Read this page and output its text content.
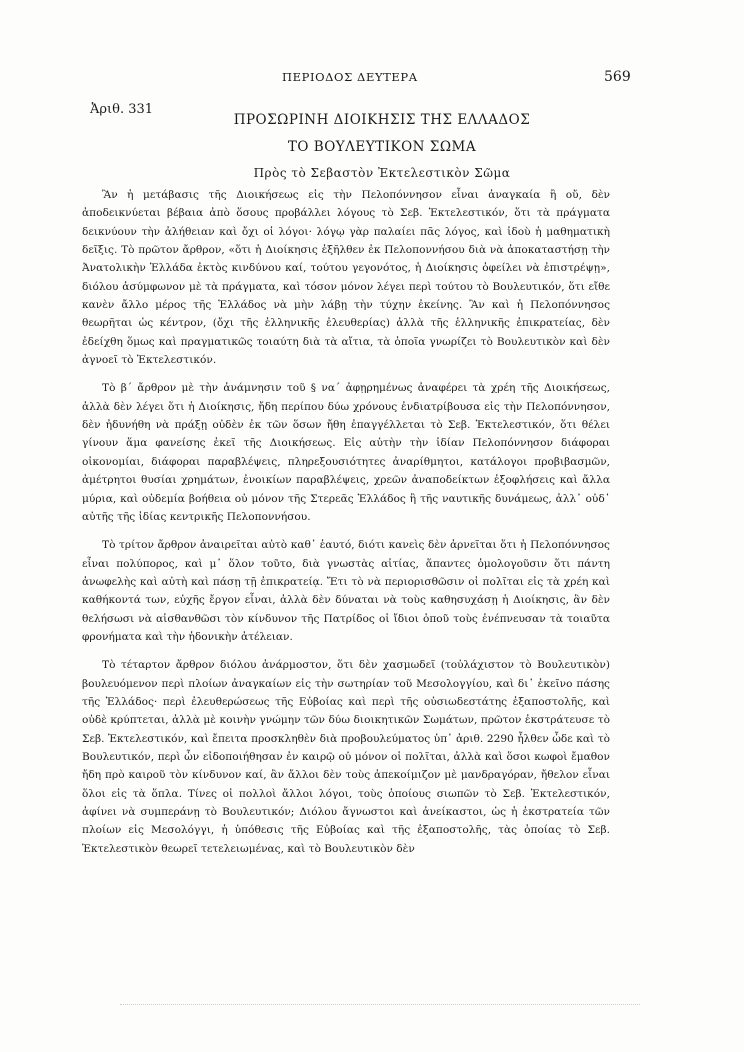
ΠΕΡΙΟΔΟΣ ΔΕΥΤΕΡΑ	569
Ἀριθ. 331
ΠΡΟΣΩΡΙΝΗ ΔΙΟΙΚΗΣΙΣ ΤΗΣ ΕΛΛΑΔΟΣ
ΤΟ ΒΟΥΛΕΥΤΙΚΟΝ ΣΩΜΑ
Πρὸς τὸ Σεβαστὸν Ἐκτελεστικὸν Σῶμα

Ἂν ἡ μετάβασις τῆς Διοικήσεως εἰς τὴν Πελοπόννησον εἶναι ἀναγκαία ἢ οὔ, δὲν ἀποδεικνύεται βέβαια ἀπὸ ὅσους προβάλλει λόγους τὸ Σεβ. Ἐκτελεστικόν, ὅτι τὰ πράγματα δεικνύουν τὴν ἀλήθειαν καὶ ὄχι οἱ λόγοι· λόγῳ γὰρ παλαίει πᾶς λόγος, καὶ ἰδοὺ ἡ μαθηματικὴ δεῖξις. Τὸ πρῶτον ἄρθρον, «ὅτι ἡ Διοίκησις ἐξῆλθεν ἐκ Πελοποννήσου διὰ νὰ ἀποκαταστήσῃ τὴν Ἀνατολικὴν Ἑλλάδα ἐκτὸς κινδύνου καί, τούτου γεγονότος, ἡ Διοίκησις ὀφείλει νὰ ἐπιστρέψῃ», διόλου ἀσύμφωνον μὲ τὰ πράγματα, καὶ τόσον μόνον λέγει περὶ τούτου τὸ Βουλευτικόν, ὅτι εἴθε κανὲν ἄλλο μέρος τῆς Ἑλλάδος νὰ μὴν λάβῃ τὴν τύχην ἐκείνης. Ἂν καὶ ἡ Πελοπόννησος θεωρῆται ὡς κέντρον, (ὄχι τῆς ἑλληνικῆς ἐλευθερίας) ἀλλὰ τῆς ἑλληνικῆς ἐπικρατείας, δὲν ἐδείχθη ὅμως καὶ πραγματικῶς τοιαύτη διὰ τὰ αἴτια, τὰ ὁποῖα γνωρίζει τὸ Βουλευτικὸν καὶ δὲν ἀγνοεῖ τὸ Ἐκτελεστικόν.

Τὸ β΄ ἄρθρον μὲ τὴν ἀνάμνησιν τοῦ § να΄ ἀφῃρημένως ἀναφέρει τὰ χρέη τῆς Διοικήσεως, ἀλλὰ δὲν λέγει ὅτι ἡ Διοίκησις, ἤδη περίπου δύω χρόνους ἐνδιατρίβουσα εἰς τὴν Πελοπόννησον, δὲν ἠδυνήθη νὰ πράξῃ οὐδὲν ἐκ τῶν ὅσων ἤθη ἐπαγγέλλεται τὸ Σεβ. Ἐκτελεστικόν, ὅτι θέλει γίνουν ἅμα φανείσης ἐκεῖ τῆς Διοικήσεως. Εἰς αὐτὴν τὴν ἰδίαν Πελοπόννησον διάφοραι οἰκονομίαι, διάφοραι παραβλέψεις, πληρεξουσιότητες ἀναρίθμητοι, κατάλογοι προβιβασμῶν, ἀμέτρητοι θυσίαι χρημάτων, ἐνοικίων παραβλέψεις, χρεῶν ἀναποδείκτων ἐξοφλήσεις καὶ ἄλλα μύρια, καὶ οὐδεμία βοήθεια οὐ μόνον τῆς Στερεᾶς Ἑλλάδος ἢ τῆς ναυτικῆς δυνάμεως, ἀλλ᾿ οὐδ᾿ αὐτῆς τῆς ἰδίας κεντρικῆς Πελοποννήσου.

Τὸ τρίτον ἄρθρον ἀναιρεῖται αὐτὸ καθ᾿ ἑαυτό, διότι κανεὶς δὲν ἀρνεῖται ὅτι ἡ Πελοπόννησος εἶναι πολύπορος, καὶ μ᾿ ὅλον τοῦτο, διὰ γνωστὰς αἰτίας, ἅπαντες ὁμολογοῦσιν ὅτι πάντη ἀνωφελὴς καὶ αὐτὴ καὶ πάσῃ τῇ ἐπικρατείᾳ. Ἔτι τὸ νὰ περιορισθῶσιν οἱ πολῖται εἰς τὰ χρέη καὶ καθήκοντά των, εὐχῆς ἔργον εἶναι, ἀλλὰ δὲν δύναται νὰ τοὺς καθησυχάσῃ ἡ Διοίκησις, ἂν δὲν θελήσωσι νὰ αἰσθανθῶσι τὸν κίνδυνον τῆς Πατρίδος οἱ ἴδιοι ὁποῦ τοὺς ἐνέπνευσαν τὰ τοιαῦτα φρονήματα καὶ τὴν ἡδονικὴν ἀτέλειαν.

Τὸ τέταρτον ἄρθρον διόλου ἀνάρμοστον, ὅτι δὲν χασμωδεῖ (τοὐλάχιστον τὸ Βουλευτικὸν) βουλευόμενον περὶ πλοίων ἀναγκαίων εἰς τὴν σωτηρίαν τοῦ Μεσολογγίου, καὶ δι᾿ ἐκεῖνο πάσης τῆς Ἑλλάδος· περὶ ἐλευθερώσεως τῆς Εὐβοίας καὶ περὶ τῆς οὐσιωδεστάτης ἐξαποστολῆς, καὶ οὐδὲ κρύπτεται, ἀλλὰ μὲ κοινὴν γνώμην τῶν δύω διοικητικῶν Σωμάτων, πρῶτον ἐκστράτευσε τὸ Σεβ. Ἐκτελεστικόν, καὶ ἔπειτα προσκληθὲν διὰ προβουλεύματος ὑπ᾿ ἀριθ. 2290 ἦλθεν ὧδε καὶ τὸ Βουλευτικόν, περὶ ὧν εἰδοποιήθησαν ἐν καιρῷ οὐ μόνον οἱ πολῖται, ἀλλὰ καὶ ὅσοι κωφοὶ ἔμαθον ἤδη πρὸ καιροῦ τὸν κίνδυνον καί, ἂν ἄλλοι δὲν τοὺς ἀπεκοίμιζον μὲ μανδραγόραν, ἤθελον εἶναι ὅλοι εἰς τὰ ὅπλα. Τίνες οἱ πολλοὶ ἄλλοι λόγοι, τοὺς ὁποίους σιωπῶν τὸ Σεβ. Ἐκτελεστικόν, ἀφίνει νὰ συμπεράνῃ τὸ Βουλευτικόν; Διόλου ἄγνωστοι καὶ ἀνείκαστοι, ὡς ἡ ἐκστρατεία τῶν πλοίων εἰς Μεσολόγγι, ἡ ὑπόθεσις τῆς Εὐβοίας καὶ τῆς ἐξαποστολῆς, τὰς ὁποίας τὸ Σεβ. Ἐκτελεστικὸν θεωρεῖ τετελειωμένας, καὶ τὸ Βουλευτικὸν δὲν
